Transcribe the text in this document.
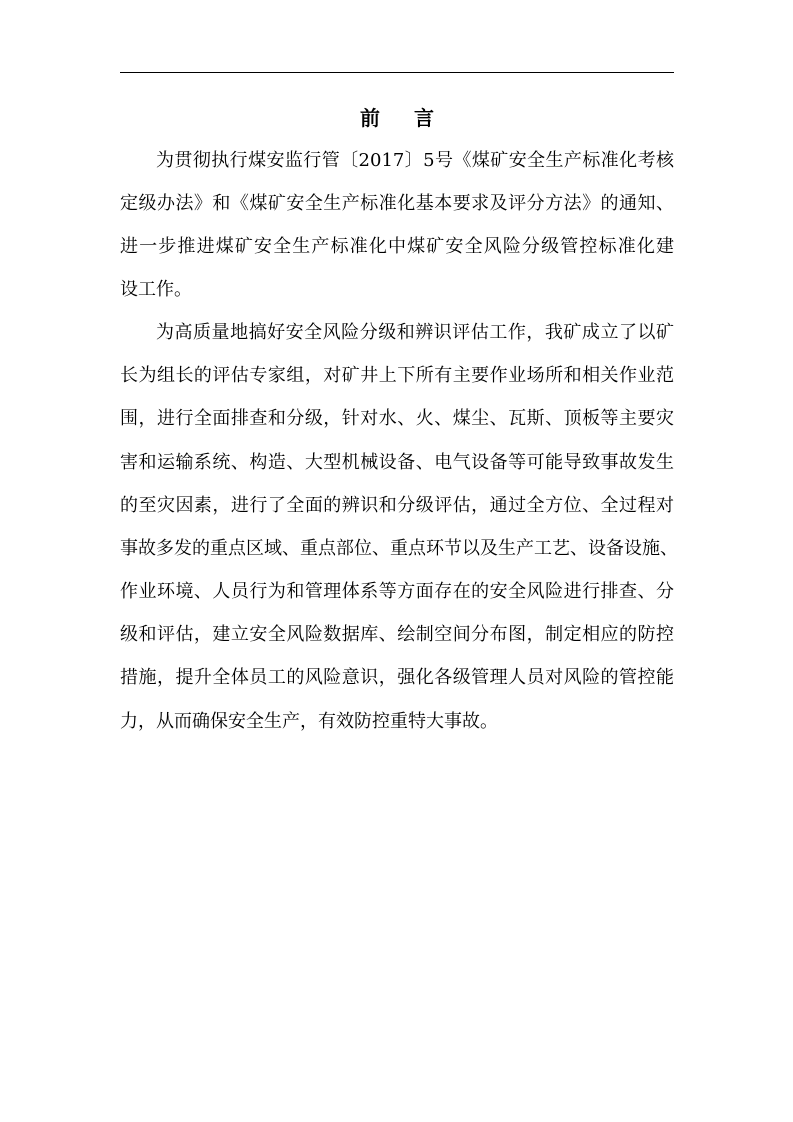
前 言
为贯彻执行煤安监行管〔2017〕5号《煤矿安全生产标准化考核
定级办法》和《煤矿安全生产标准化基本要求及评分方法》的通知、
进一步推进煤矿安全生产标准化中煤矿安全风险分级管控标准化建
设工作。
为高质量地搞好安全风险分级和辨识评估工作，我矿成立了以矿
长为组长的评估专家组，对矿井上下所有主要作业场所和相关作业范
围，进行全面排查和分级，针对水、火、煤尘、瓦斯、顶板等主要灾
害和运输系统、构造、大型机械设备、电气设备等可能导致事故发生
的至灾因素，进行了全面的辨识和分级评估，通过全方位、全过程对
事故多发的重点区域、重点部位、重点环节以及生产工艺、设备设施、
作业环境、人员行为和管理体系等方面存在的安全风险进行排查、分
级和评估，建立安全风险数据库、绘制空间分布图，制定相应的防控
措施，提升全体员工的风险意识，强化各级管理人员对风险的管控能
力，从而确保安全生产，有效防控重特大事故。
